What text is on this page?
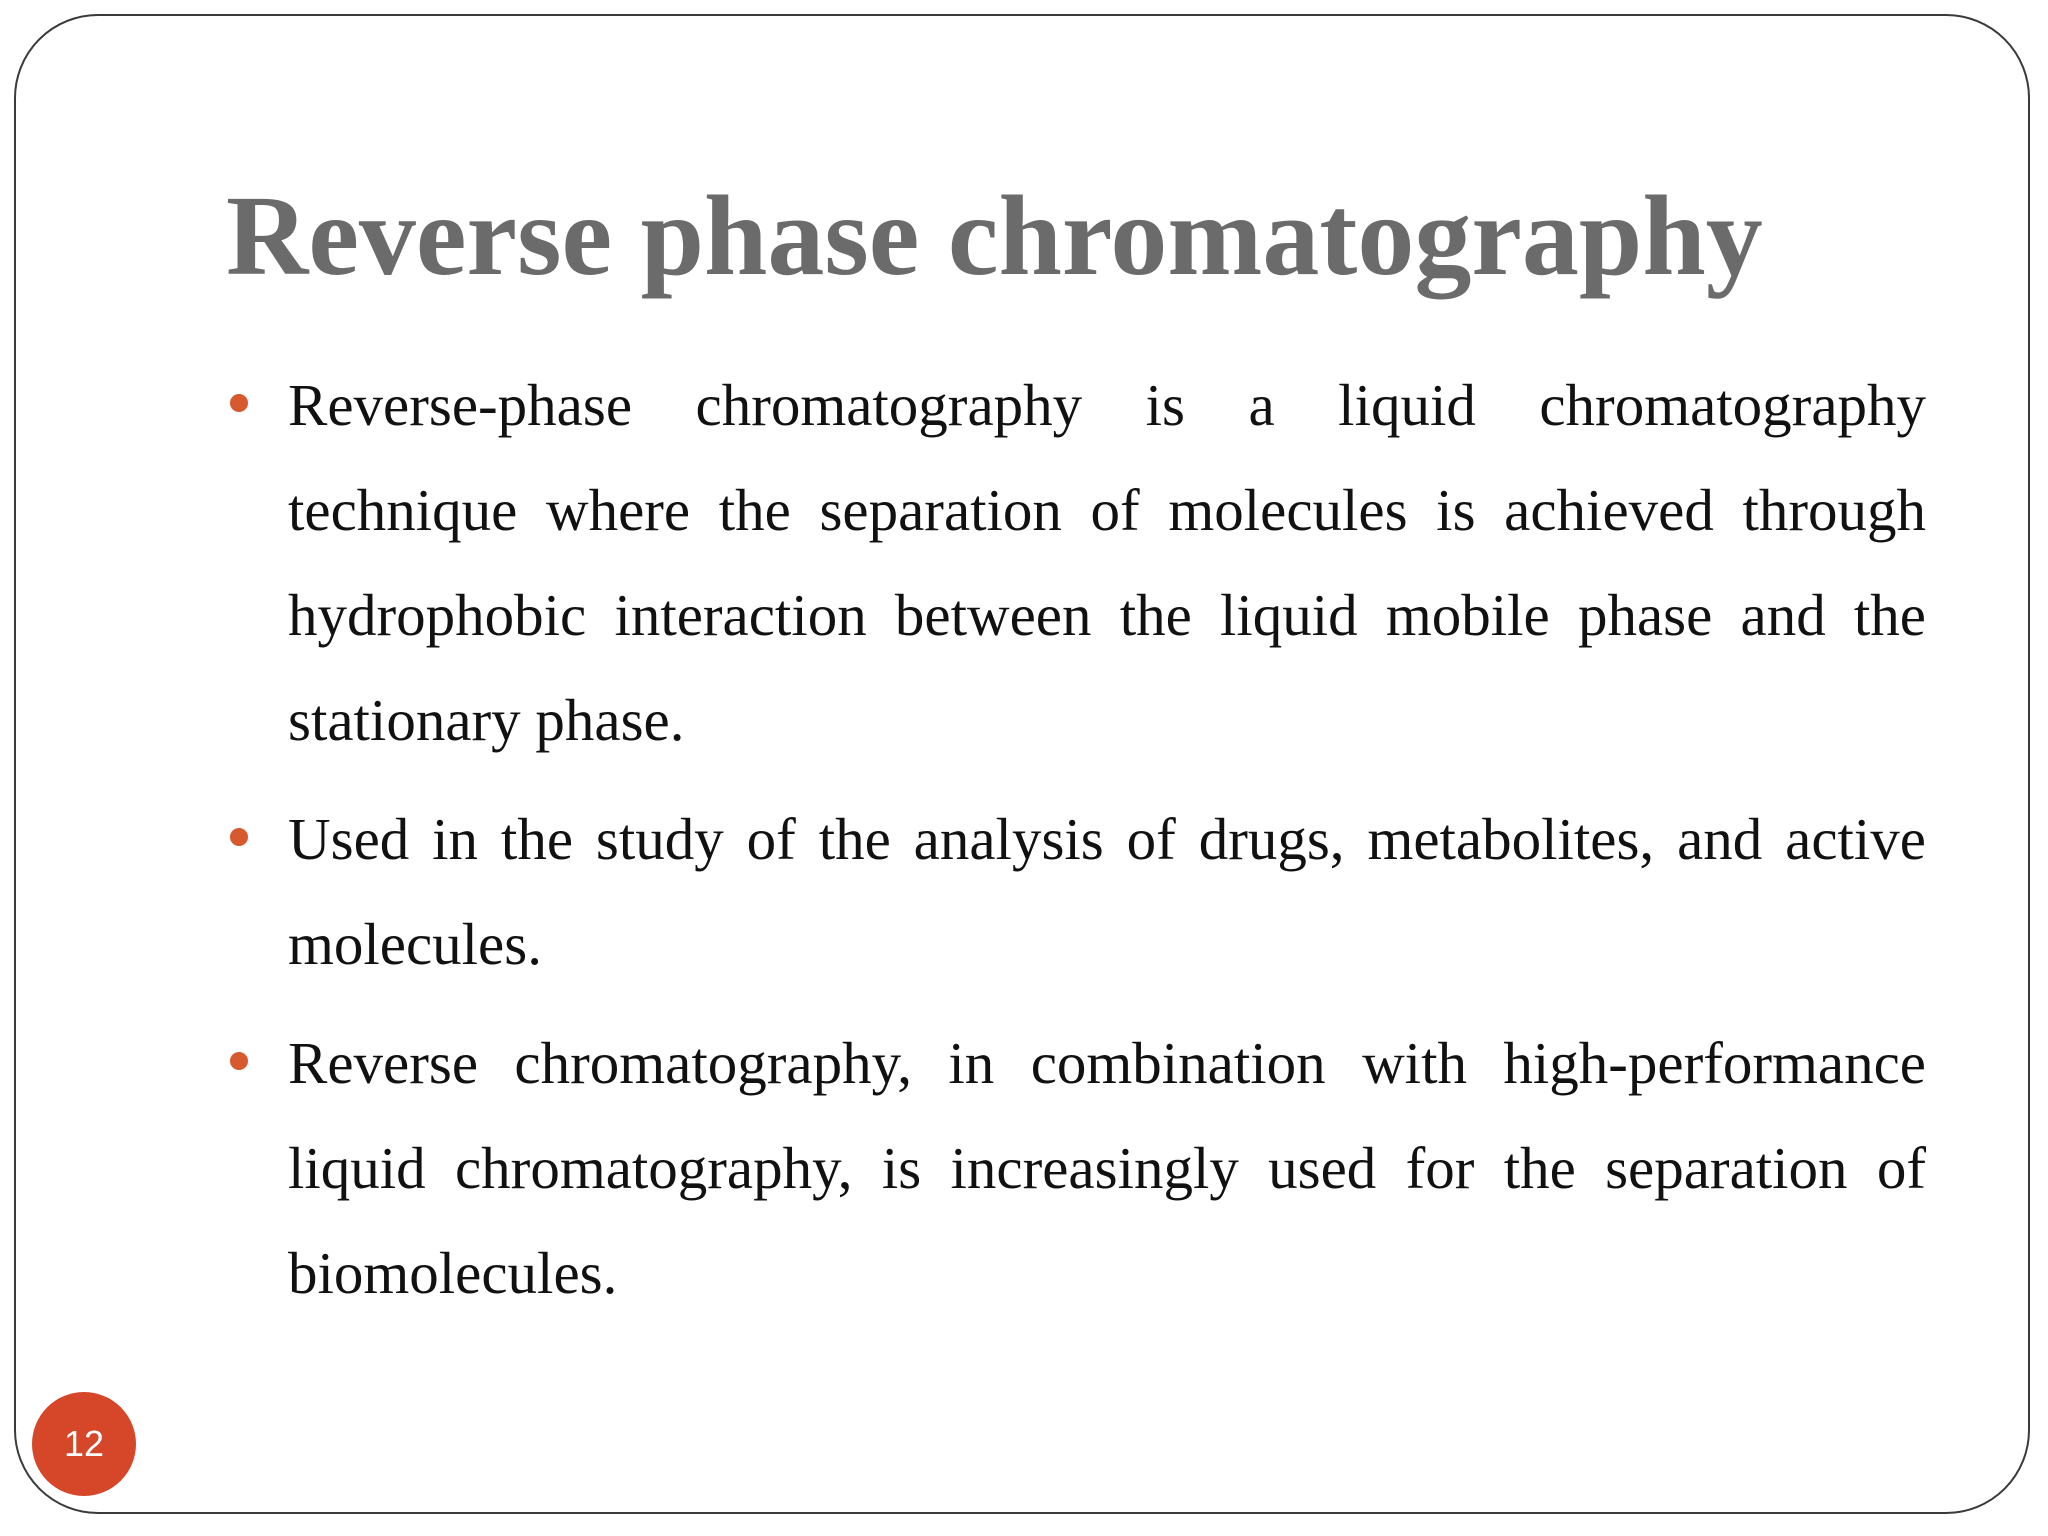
Reverse phase chromatography
Reverse-phase chromatography is a liquid chromatography technique where the separation of molecules is achieved through hydrophobic interaction between the liquid mobile phase and the stationary phase.
Used in the study of the analysis of drugs, metabolites, and active molecules.
Reverse chromatography, in combination with high-performance liquid chromatography, is increasingly used for the separation of biomolecules.
12
